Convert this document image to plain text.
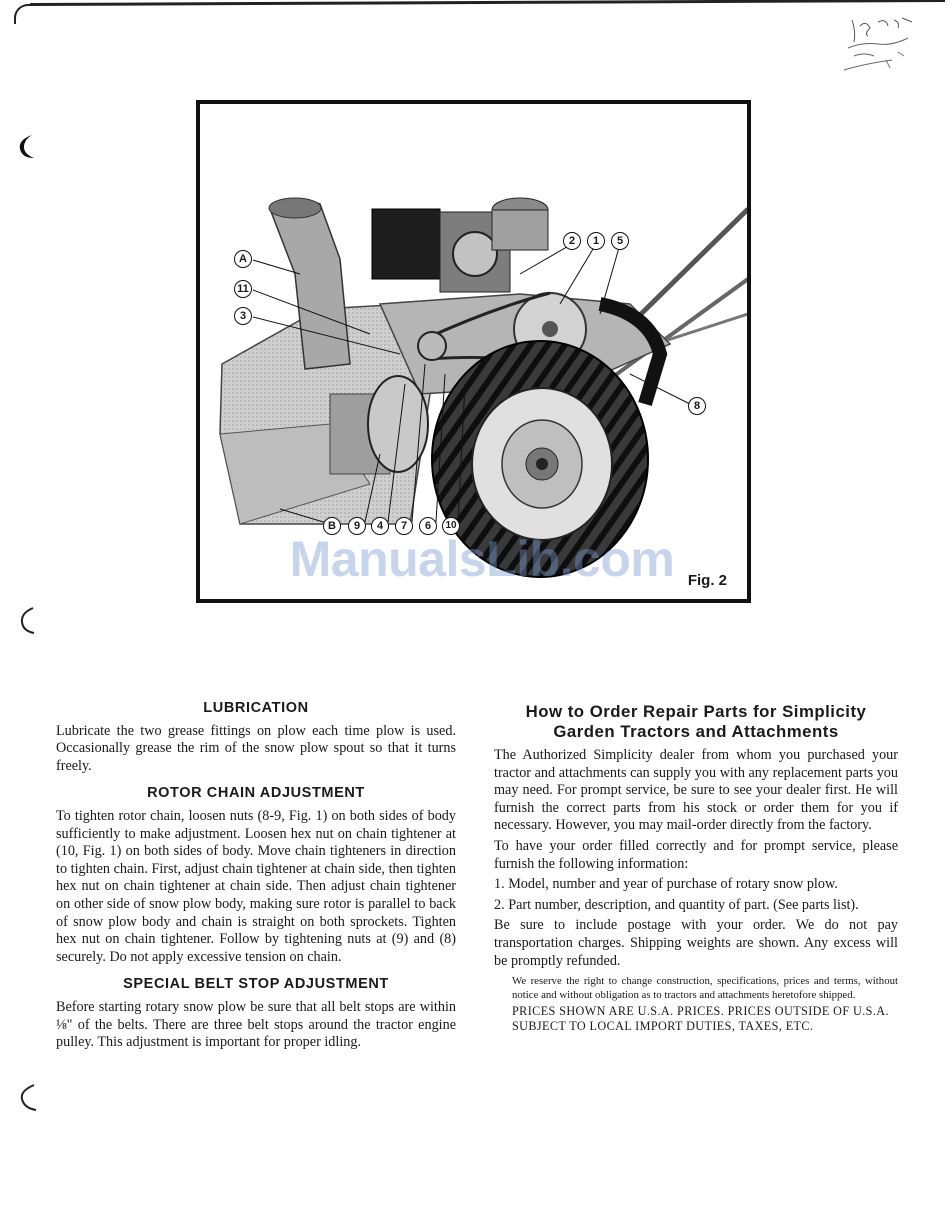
A
11
3
2	1	5
8
B	9	4	7	6	10
Fig. 2
ManualsLib.com
LUBRICATION

Lubricate the two grease fittings on plow each time plow is used. Occasionally grease the rim of the snow plow spout so that it turns freely.

ROTOR CHAIN ADJUSTMENT

To tighten rotor chain, loosen nuts (8-9, Fig. 1) on both sides of body sufficiently to make adjustment. Loosen hex nut on chain tightener at (10, Fig. 1) on both sides of body. Move chain tighteners in direction to tighten chain. First, adjust chain tightener at chain side, then tighten hex nut on chain tightener at chain side. Then adjust chain tightener on other side of snow plow body, making sure rotor is parallel to back of snow plow body and chain is straight on both sprockets. Tighten hex nut on chain tightener. Follow by tightening nuts at (9) and (8) securely. Do not apply excessive tension on chain.

SPECIAL BELT STOP ADJUSTMENT

Before starting rotary snow plow be sure that all belt stops are within ⅛" of the belts. There are three belt stops around the tractor engine pulley. This adjustment is important for proper idling.

How to Order Repair Parts for Simplicity
Garden Tractors and Attachments

The Authorized Simplicity dealer from whom you purchased your tractor and attachments can supply you with any replacement parts you may need. For prompt service, be sure to see your dealer first. He will furnish the correct parts from his stock or order them for you if necessary. However, you may mail-order directly from the factory.

To have your order filled correctly and for prompt service, please furnish the following information:

1. Model, number and year of purchase of rotary snow plow.

2. Part number, description, and quantity of part. (See parts list).

Be sure to include postage with your order. We do not pay transportation charges. Shipping weights are shown. Any excess will be promptly refunded.

We reserve the right to change construction, specifications, prices and terms, without notice and without obligation as to tractors and attachments heretofore shipped.

PRICES SHOWN ARE U.S.A. PRICES. PRICES OUTSIDE OF U.S.A. SUBJECT TO LOCAL IMPORT DUTIES, TAXES, ETC.
